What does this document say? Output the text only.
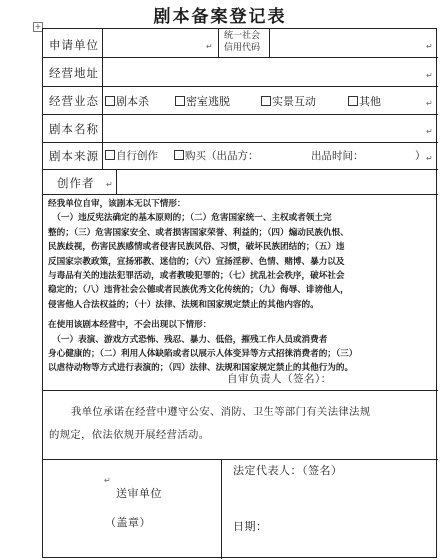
剧本备案登记表
+
申请单位	↵
统一社会
信用代码	↵
经营地址	↵
经营业态	剧本杀	密室逃脱	实景互动	其他	↵
剧本名称	↵
剧本来源	自行创作	购买（出品方：	出品时间：	） ↵
创作者 ↵
经我单位自审，该剧本无以下情形：
　（一）违反宪法确定的基本原则的；（二）危害国家统一、主权或者领土完
整的；（三）危害国家安全、或者损害国家荣誉、利益的；（四）煽动民族仇恨、
民族歧视，伤害民族感情或者侵害民族风俗、习惯，破坏民族团结的；（五）违
反国家宗教政策，宣扬邪教、迷信的；（六）宣扬淫秽、色情、赌博、暴力以及
与毒品有关的违法犯罪活动，或者教唆犯罪的；（七）扰乱社会秩序，破坏社会
稳定的；（八）违背社会公德或者民族优秀文化传统的；（九）侮辱、诽谤他人，
侵害他人合法权益的；（十）法律、法规和国家规定禁止的其他内容的。
在使用该剧本经营中，不会出现以下情形：
　（一）表演、游戏方式恐怖、残忍、暴力、低俗，摧残工作人员或消费者
身心健康的；（二）利用人体缺陷或者以展示人体变异等方式招徕消费者的；（三）
以虐待动物等方式进行表演的；（四）法律、法规和国家规定禁止的其他行为的。
自审负责人（签名）：
我单位承诺在经营中遵守公安、消防、卫生等部门有关法律法规
的规定，依法依规开展经营活动。
送审单位
↵
（盖章）
法定代表人：（签名）
日期：
